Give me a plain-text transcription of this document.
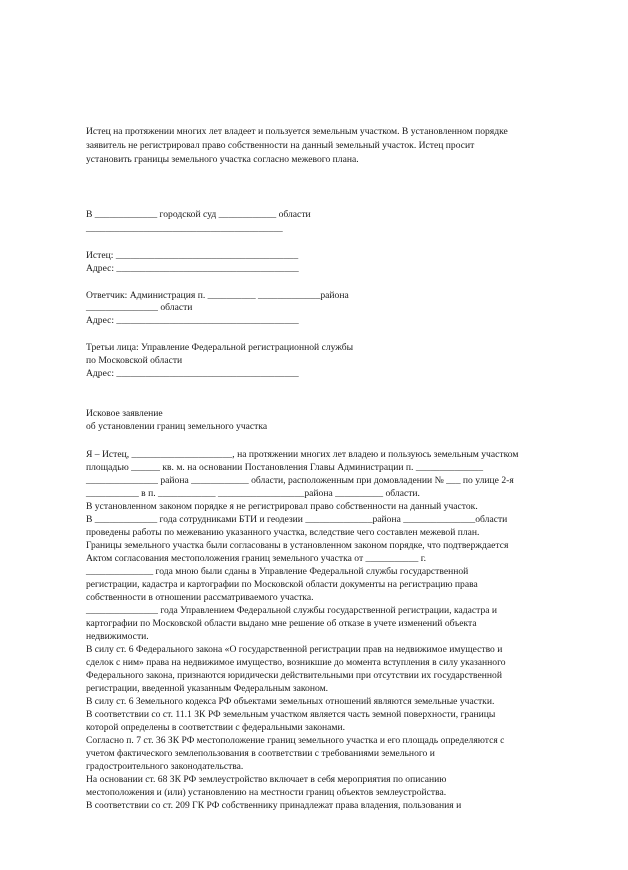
Истец на протяжении многих лет владеет и пользуется земельным участком. В установленном порядке

заявитель не регистрировал право собственности на данный земельный участок. Истец просит

установить границы земельного участка согласно межевого плана.

В _____________ городской суд ____________ области

_________________________________________

Истец: ______________________________________

Адрес: ______________________________________

Ответчик: Администрация п. __________ _____________района

_______________ области

Адрес: ______________________________________

Третьи лица: Управление Федеральной регистрационной службы

по Московской области

Адрес: ______________________________________

Исковое заявление

об установлении границ земельного участка

Я – Истец, _____________________, на протяжении многих лет владею и пользуюсь земельным участком

площадью ______ кв. м. на основании Постановления Главы Администрации п. ______________

_______________ района ____________ области, расположенным при домовладении № ___ по улице 2-я

___________ в п. ____________ __________________района __________ области.

В установленном законом порядке я не регистрировал право собственности на данный участок.

В _____________ года сотрудниками БТИ и геодезии ______________района _______________области

проведены работы по межеванию указанного участка, вследствие чего составлен межевой план.

Границы земельного участка были согласованы в установленном законом порядке, что подтверждается

Актом согласования местоположения границ земельного участка от ___________ г.

______________ года мною были сданы в Управление Федеральной службы государственной

регистрации, кадастра и картографии по Московской области документы на регистрацию права

собственности в отношении рассматриваемого участка.

_______________ года Управлением Федеральной службы государственной регистрации, кадастра и

картографии по Московской области выдано мне решение об отказе в учете изменений объекта

недвижимости.

В силу ст. 6 Федерального закона «О государственной регистрации прав на недвижимое имущество и

сделок с ним» права на недвижимое имущество, возникшие до момента вступления в силу указанного

Федерального закона, признаются юридически действительными при отсутствии их государственной

регистрации, введенной указанным Федеральным законом.

В силу ст. 6 Земельного кодекса РФ объектами земельных отношений являются земельные участки.

В соответствии со ст. 11.1 ЗК РФ земельным участком является часть земной поверхности, границы

которой определены в соответствии с федеральными законами.

Согласно п. 7 ст. 36 ЗК РФ местоположение границ земельного участка и его площадь определяются с

учетом фактического землепользования в соответствии с требованиями земельного и

градостроительного законодательства.

На основании ст. 68 ЗК РФ землеустройство включает в себя мероприятия по описанию

местоположения и (или) установлению на местности границ объектов землеустройства.

В соответствии со ст. 209 ГК РФ собственнику принадлежат права владения, пользования и
